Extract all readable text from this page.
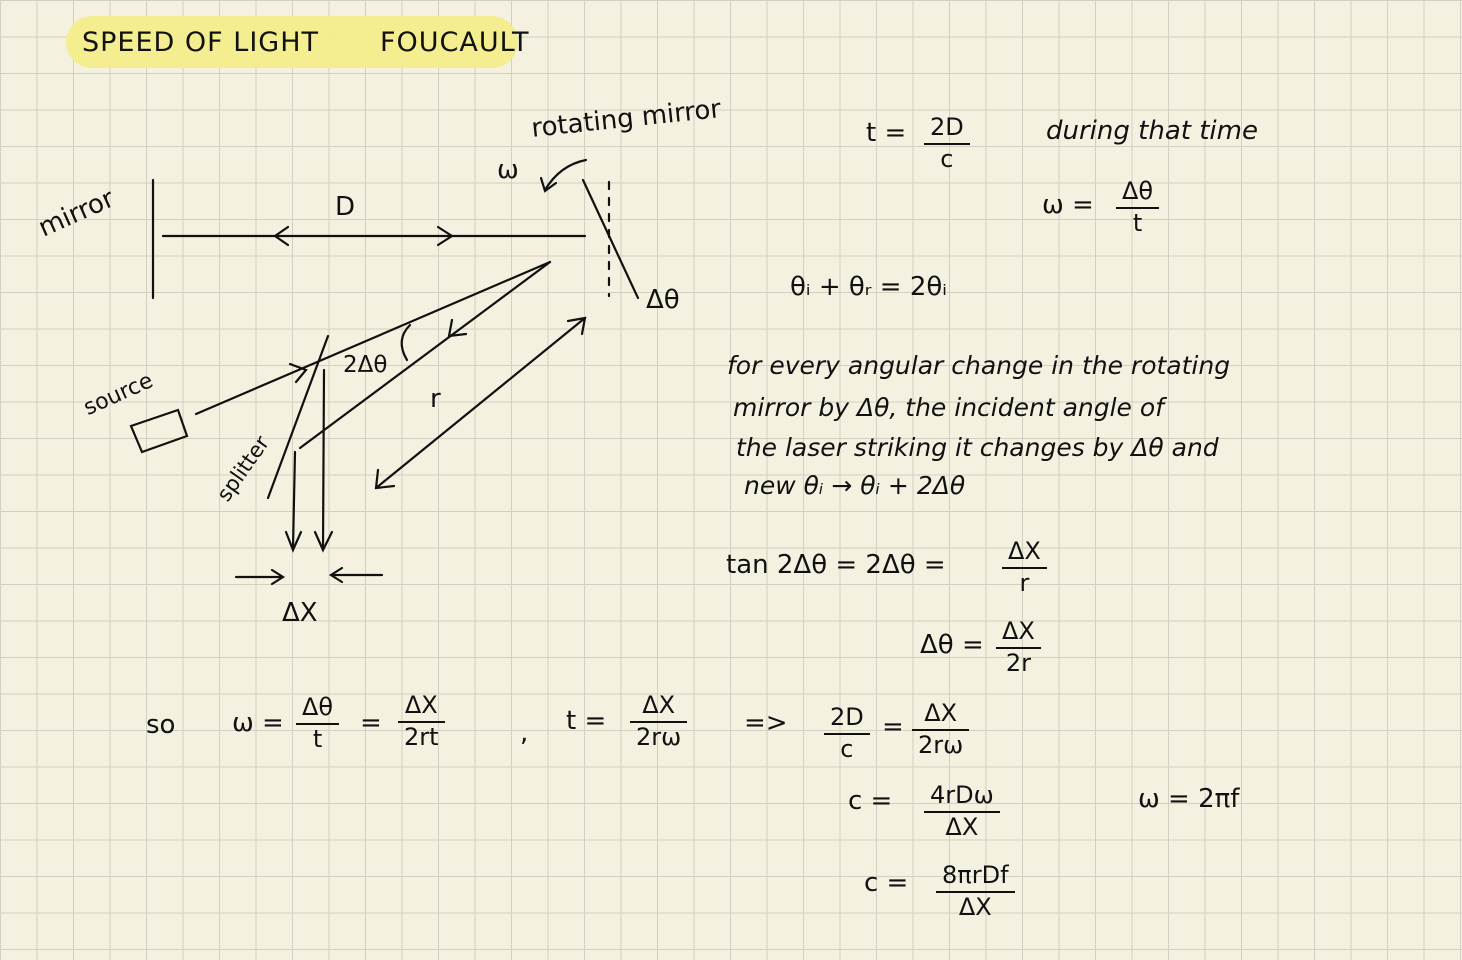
SPEED OF LIGHT FOUCAULT
mirror	D
rotating mirror
ω
Δθ
source
splitter
2Δθ
r
ΔX
t = 2D
c
during that time
ω = Δθ
t
θᵢ + θᵣ = 2θᵢ
for every angular change in the rotating
mirror by Δθ, the incident angle of
the laser striking it changes by Δθ and
new θᵢ → θᵢ + 2Δθ
tan 2Δθ = 2Δθ =	ΔX
r
Δθ = ΔX
2r
so ω =
Δθ
t
=
ΔX
2rt	, t =
ΔX
2rω => 2D
c
= ΔX
2rω
c = 4rDω
ΔX
ω = 2πf
c = 8πrDf
ΔX
